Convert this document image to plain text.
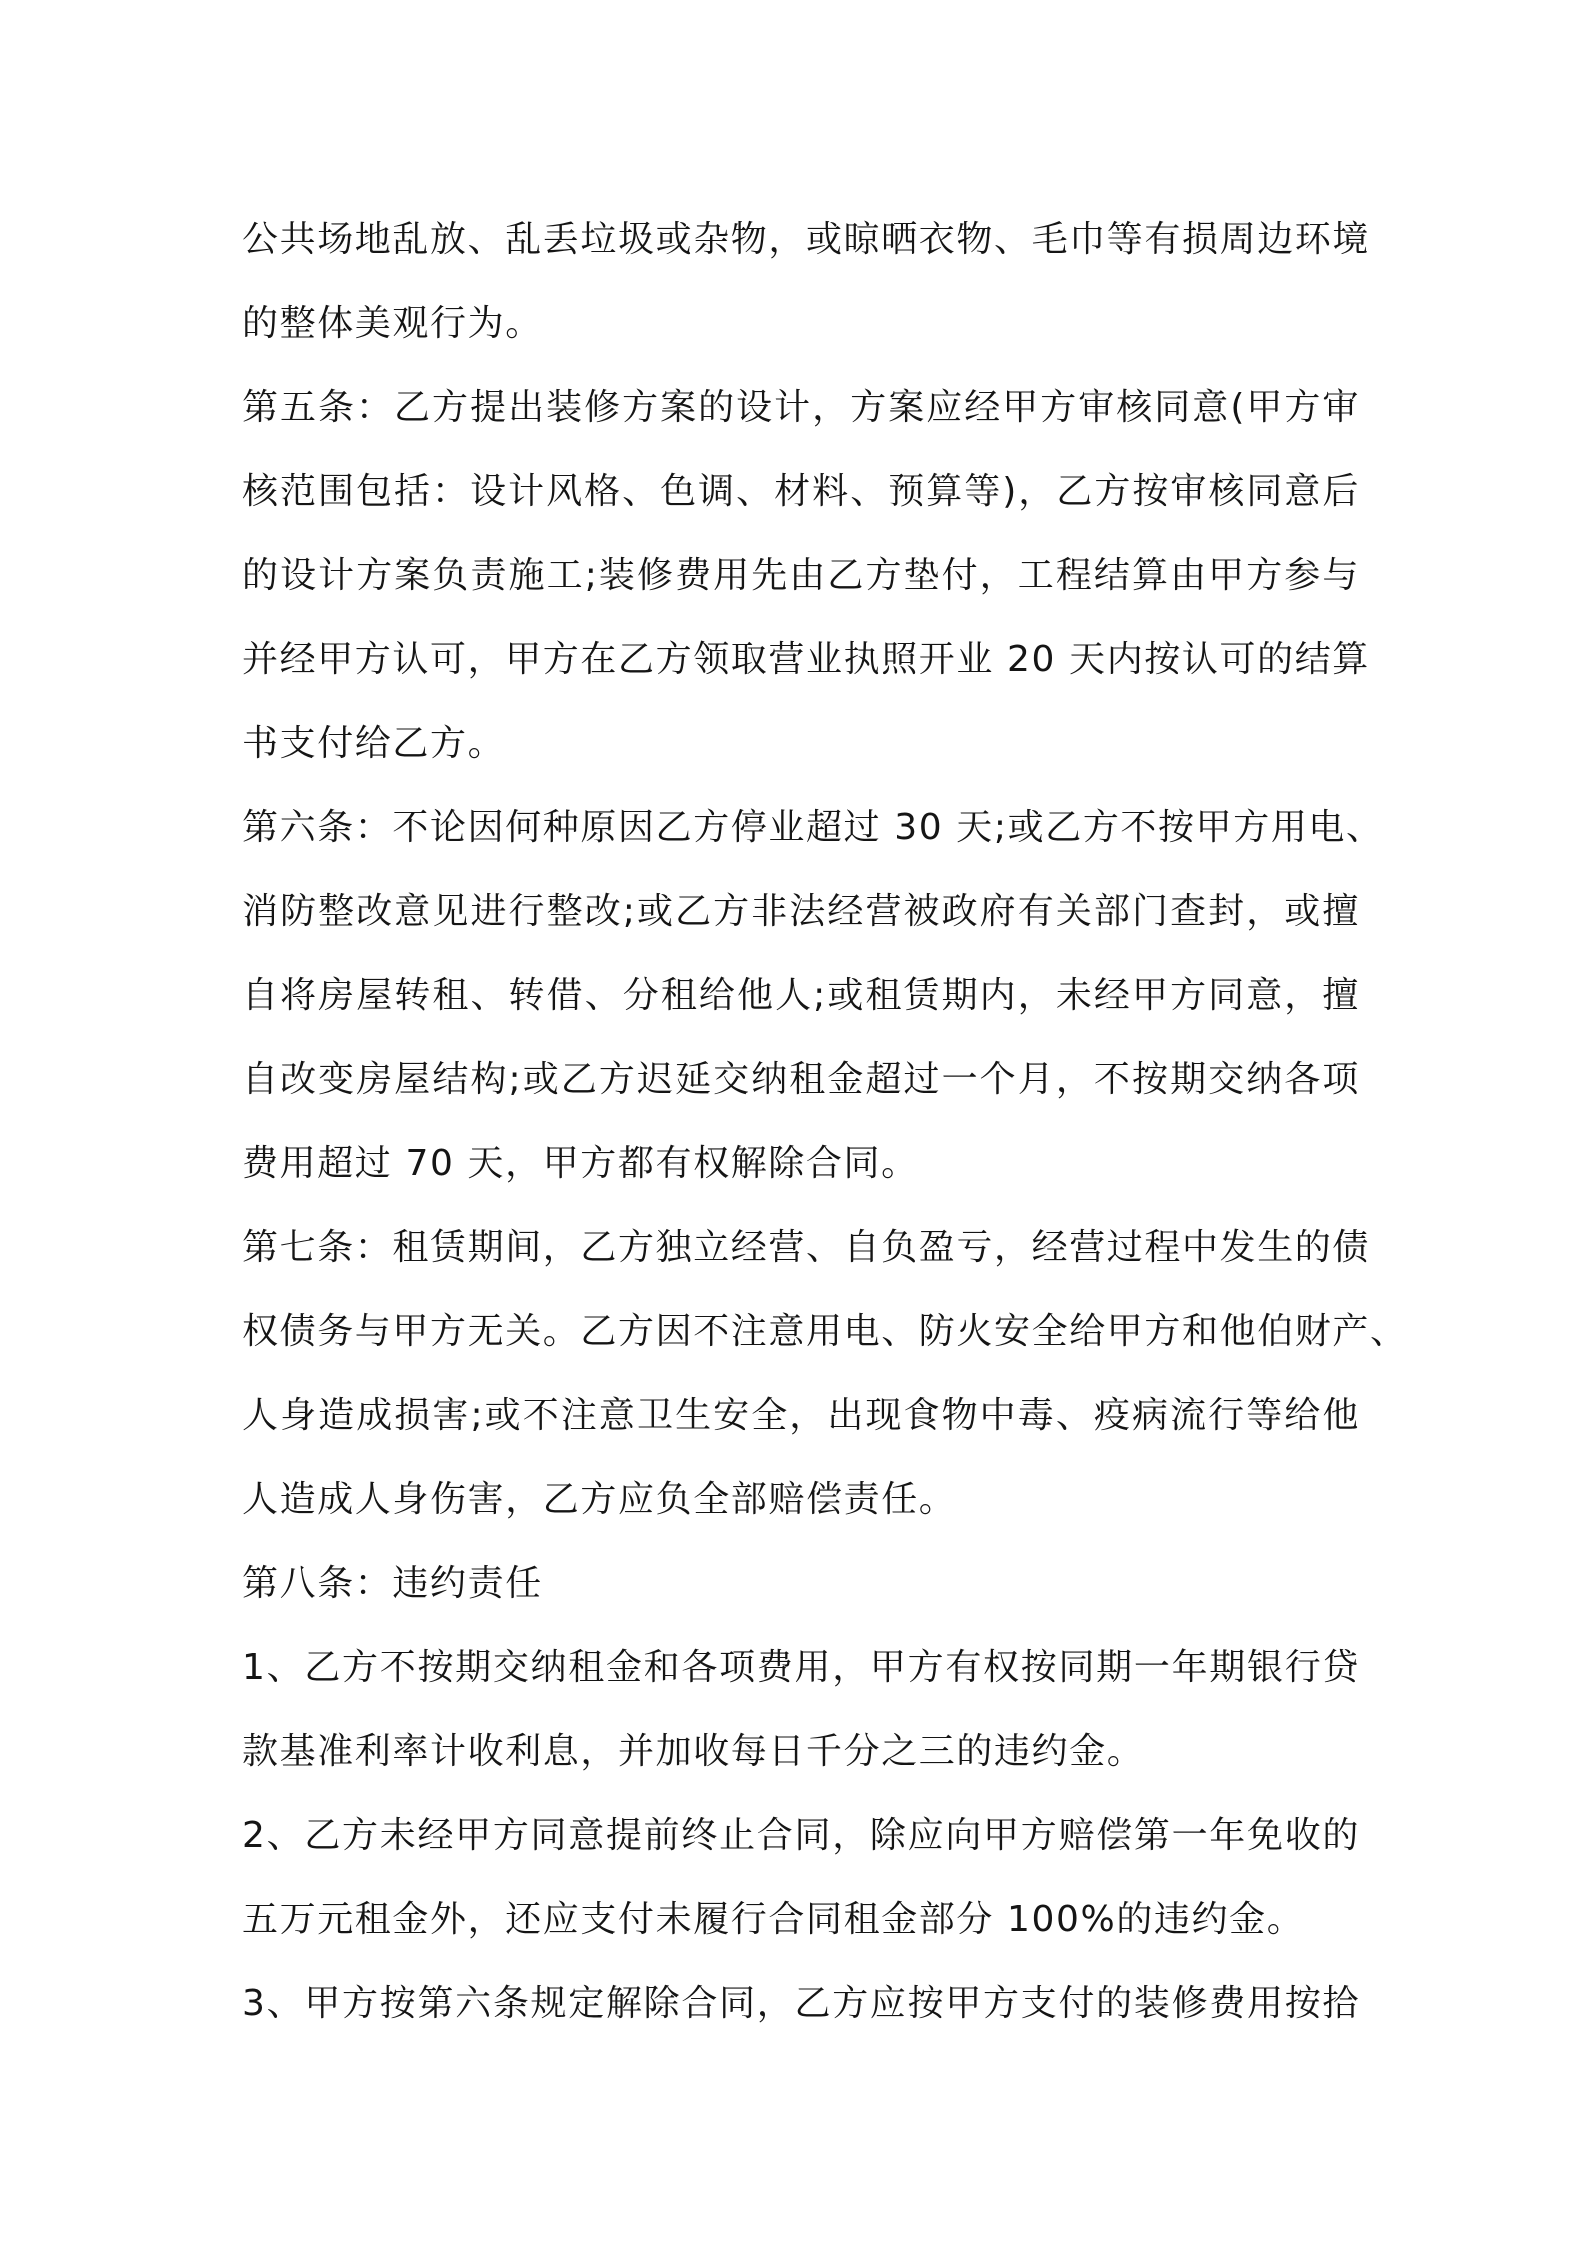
公共场地乱放、乱丢垃圾或杂物，或晾晒衣物、毛巾等有损周边环境
的整体美观行为。
第五条：乙方提出装修方案的设计，方案应经甲方审核同意(甲方审
核范围包括：设计风格、色调、材料、预算等)，乙方按审核同意后
的设计方案负责施工;装修费用先由乙方垫付，工程结算由甲方参与
并经甲方认可，甲方在乙方领取营业执照开业 20 天内按认可的结算
书支付给乙方。
第六条：不论因何种原因乙方停业超过 30 天;或乙方不按甲方用电、
消防整改意见进行整改;或乙方非法经营被政府有关部门查封，或擅
自将房屋转租、转借、分租给他人;或租赁期内，未经甲方同意，擅
自改变房屋结构;或乙方迟延交纳租金超过一个月，不按期交纳各项
费用超过 70 天，甲方都有权解除合同。
第七条：租赁期间，乙方独立经营、自负盈亏，经营过程中发生的债
权债务与甲方无关。乙方因不注意用电、防火安全给甲方和他伯财产、
人身造成损害;或不注意卫生安全，出现食物中毒、疫病流行等给他
人造成人身伤害，乙方应负全部赔偿责任。
第八条：违约责任
1、乙方不按期交纳租金和各项费用，甲方有权按同期一年期银行贷
款基准利率计收利息，并加收每日千分之三的违约金。
2、乙方未经甲方同意提前终止合同，除应向甲方赔偿第一年免收的
五万元租金外，还应支付未履行合同租金部分 100%的违约金。
3、甲方按第六条规定解除合同，乙方应按甲方支付的装修费用按拾
